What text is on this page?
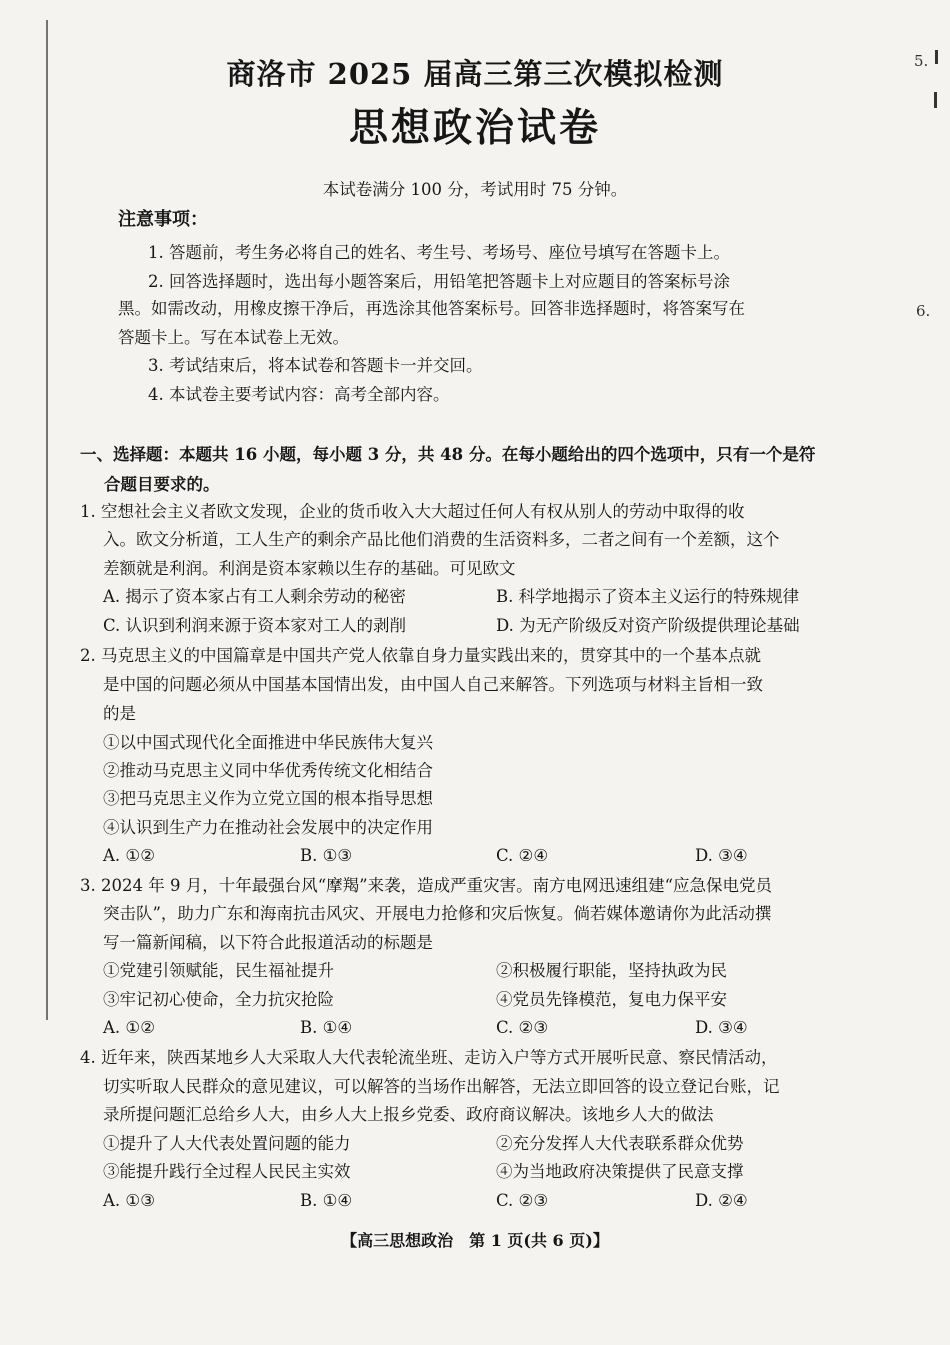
5.
6.
商洛市 2025 届高三第三次模拟检测
思想政治试卷
本试卷满分 100 分，考试用时 75 分钟。
注意事项：
1. 答题前，考生务必将自己的姓名、考生号、考场号、座位号填写在答题卡上。
2. 回答选择题时，选出每小题答案后，用铅笔把答题卡上对应题目的答案标号涂
黑。如需改动，用橡皮擦干净后，再选涂其他答案标号。回答非选择题时，将答案写在
答题卡上。写在本试卷上无效。
3. 考试结束后，将本试卷和答题卡一并交回。
4. 本试卷主要考试内容：高考全部内容。
一、选择题：本题共 16 小题，每小题 3 分，共 48 分。在每小题给出的四个选项中，只有一个是符
合题目要求的。
1. 空想社会主义者欧文发现，企业的货币收入大大超过任何人有权从别人的劳动中取得的收
入。欧文分析道，工人生产的剩余产品比他们消费的生活资料多，二者之间有一个差额，这个
差额就是利润。利润是资本家赖以生存的基础。可见欧文
A. 揭示了资本家占有工人剩余劳动的秘密	B. 科学地揭示了资本主义运行的特殊规律
C. 认识到利润来源于资本家对工人的剥削	D. 为无产阶级反对资产阶级提供理论基础
2. 马克思主义的中国篇章是中国共产党人依靠自身力量实践出来的，贯穿其中的一个基本点就
是中国的问题必须从中国基本国情出发，由中国人自己来解答。下列选项与材料主旨相一致
的是
①以中国式现代化全面推进中华民族伟大复兴
②推动马克思主义同中华优秀传统文化相结合
③把马克思主义作为立党立国的根本指导思想
④认识到生产力在推动社会发展中的决定作用
A. ①②	B. ①③	C. ②④	D. ③④
3. 2024 年 9 月，十年最强台风“摩羯”来袭，造成严重灾害。南方电网迅速组建“应急保电党员
突击队”，助力广东和海南抗击风灾、开展电力抢修和灾后恢复。倘若媒体邀请你为此活动撰
写一篇新闻稿，以下符合此报道活动的标题是
①党建引领赋能，民生福祉提升	②积极履行职能，坚持执政为民
③牢记初心使命，全力抗灾抢险	④党员先锋模范，复电力保平安
A. ①②	B. ①④	C. ②③	D. ③④
4. 近年来，陕西某地乡人大采取人大代表轮流坐班、走访入户等方式开展听民意、察民情活动，
切实听取人民群众的意见建议，可以解答的当场作出解答，无法立即回答的设立登记台账，记
录所提问题汇总给乡人大，由乡人大上报乡党委、政府商议解决。该地乡人大的做法
①提升了人大代表处置问题的能力	②充分发挥人大代表联系群众优势
③能提升践行全过程人民民主实效	④为当地政府决策提供了民意支撑
A. ①③	B. ①④	C. ②③	D. ②④
【高三思想政治　第 1 页(共 6 页)】
